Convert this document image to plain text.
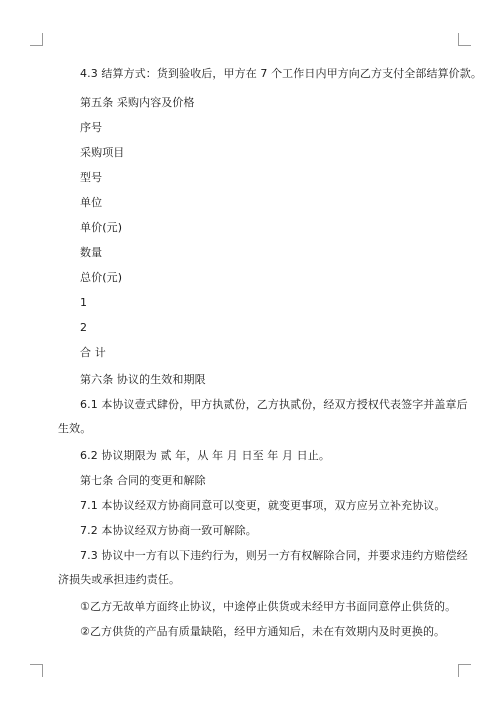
4.3 结算方式：货到验收后，甲方在 7 个工作日内甲方向乙方支付全部结算价款。
第五条 采购内容及价格
序号
采购项目
型号
单位
单价(元)
数量
总价(元)
1
2
合 计
第六条 协议的生效和期限
6.1 本协议壹式肆份，甲方执贰份，乙方执贰份，经双方授权代表签字并盖章后
生效。
6.2 协议期限为 贰 年，从 年 月 日至 年 月 日止。
第七条 合同的变更和解除
7.1 本协议经双方协商同意可以变更，就变更事项，双方应另立补充协议。
7.2 本协议经双方协商一致可解除。
7.3 协议中一方有以下违约行为，则另一方有权解除合同，并要求违约方赔偿经
济损失或承担违约责任。
①乙方无故单方面终止协议，中途停止供货或未经甲方书面同意停止供货的。
②乙方供货的产品有质量缺陷，经甲方通知后，未在有效期内及时更换的。
